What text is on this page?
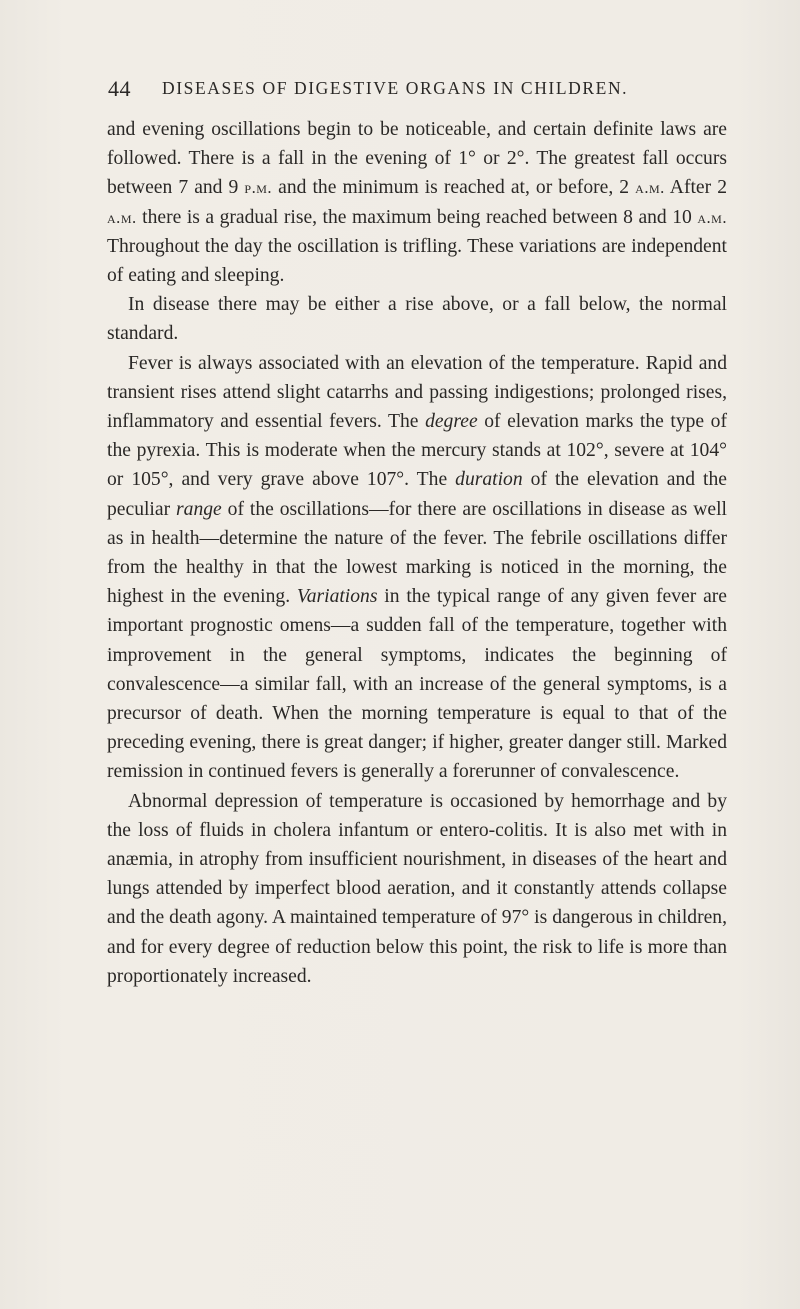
44 DISEASES OF DIGESTIVE ORGANS IN CHILDREN.

and evening oscillations begin to be noticeable, and certain definite laws are followed. There is a fall in the evening of 1° or 2°. The greatest fall occurs between 7 and 9 p.m. and the minimum is reached at, or before, 2 a.m. After 2 a.m. there is a gradual rise, the maximum being reached between 8 and 10 a.m. Throughout the day the oscillation is trifling. These variations are independent of eating and sleeping.

In disease there may be either a rise above, or a fall below, the normal standard.

Fever is always associated with an elevation of the temperature. Rapid and transient rises attend slight catarrhs and passing indigestions; prolonged rises, inflammatory and essential fevers. The degree of elevation marks the type of the pyrexia. This is moderate when the mercury stands at 102°, severe at 104° or 105°, and very grave above 107°. The duration of the elevation and the peculiar range of the oscillations—for there are oscillations in disease as well as in health—determine the nature of the fever. The febrile oscillations differ from the healthy in that the lowest marking is noticed in the morning, the highest in the evening. Variations in the typical range of any given fever are important prognostic omens—a sudden fall of the temperature, together with improvement in the general symptoms, indicates the beginning of convalescence—a similar fall, with an increase of the general symptoms, is a precursor of death. When the morning temperature is equal to that of the preceding evening, there is great danger; if higher, greater danger still. Marked remission in continued fevers is generally a forerunner of convalescence.

Abnormal depression of temperature is occasioned by hemorrhage and by the loss of fluids in cholera infantum or entero-colitis. It is also met with in anæmia, in atrophy from insufficient nourishment, in diseases of the heart and lungs attended by imperfect blood aeration, and it constantly attends collapse and the death agony. A maintained temperature of 97° is dangerous in children, and for every degree of reduction below this point, the risk to life is more than proportionately increased.
